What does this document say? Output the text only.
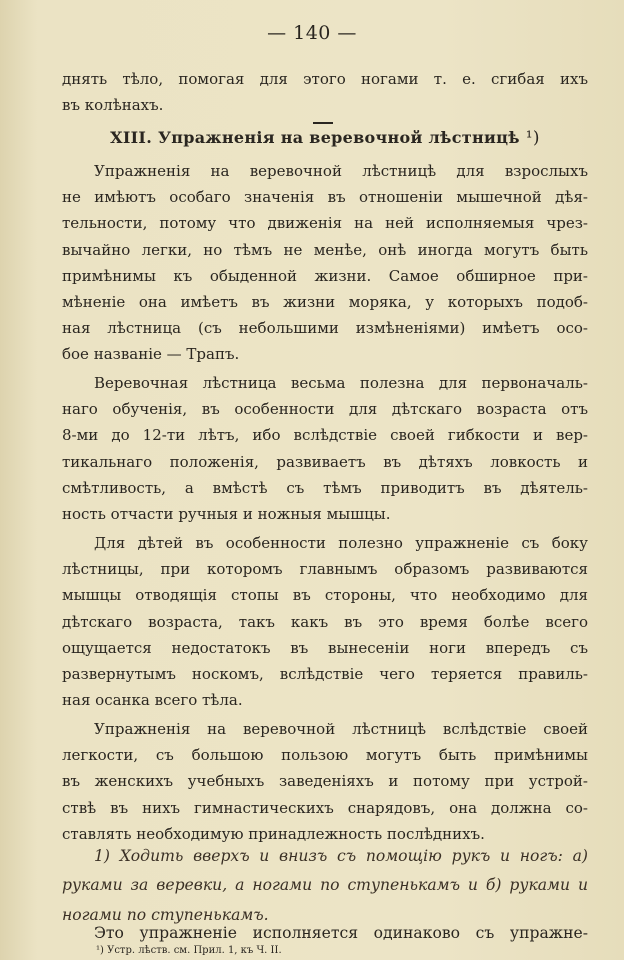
— 140 —
днять тѣло, помогая для этого ногами т. е. сгибая ихъ
въ колѣнахъ.
XIII. Упражненія на веревочной лѣстницѣ ¹)
Упражненія на веревочной лѣстницѣ для взрослыхъ
не имѣютъ особаго значенія въ отношеніи мышечной дѣя-
тельности, потому что движенія на ней исполняемыя чрез-
вычайно легки, но тѣмъ не менѣе, онѣ иногда могутъ быть
примѣнимы къ обыденной жизни. Самое обширное при-
мѣненіе она имѣетъ въ жизни моряка, у которыхъ подоб-
ная лѣстница (съ небольшими измѣненіями) имѣетъ осо-
бое названіе — Трапъ.
Веревочная лѣстница весьма полезна для первоначаль-
наго обученія, въ особенности для дѣтскаго возраста отъ
8-ми до 12-ти лѣтъ, ибо вслѣдствіе своей гибкости и вер-
тикальнаго положенія, развиваетъ въ дѣтяхъ ловкость и
смѣтливость, а вмѣстѣ съ тѣмъ приводитъ въ дѣятель-
ность отчасти ручныя и ножныя мышцы.
Для дѣтей въ особенности полезно упражненіе съ боку
лѣстницы, при которомъ главнымъ образомъ развиваются
мышцы отводящія стопы въ стороны, что необходимо для
дѣтскаго возраста, такъ какъ въ это время болѣе всего
ощущается недостатокъ въ вынесеніи ноги впередъ съ
развернутымъ носкомъ, вслѣдствіе чего теряется правиль-
ная осанка всего тѣла.
Упражненія на веревочной лѣстницѣ вслѣдствіе своей
легкости, съ большою пользою могутъ быть примѣнимы
въ женскихъ учебныхъ заведеніяхъ и потому при устрой-
ствѣ въ нихъ гимнастическихъ снарядовъ, она должна со-
ставлять необходимую принадлежность послѣднихъ.
¹) Устр. лѣств. см. Прил. 1, къ Ч. II.
1) Ходить вверхъ и внизъ съ помощію рукъ и ногъ: а)
руками за веревки, а ногами по ступенькамъ и б) руками и
ногами по ступенькамъ.
Это упражненіе исполняется одинаково съ упражне-
